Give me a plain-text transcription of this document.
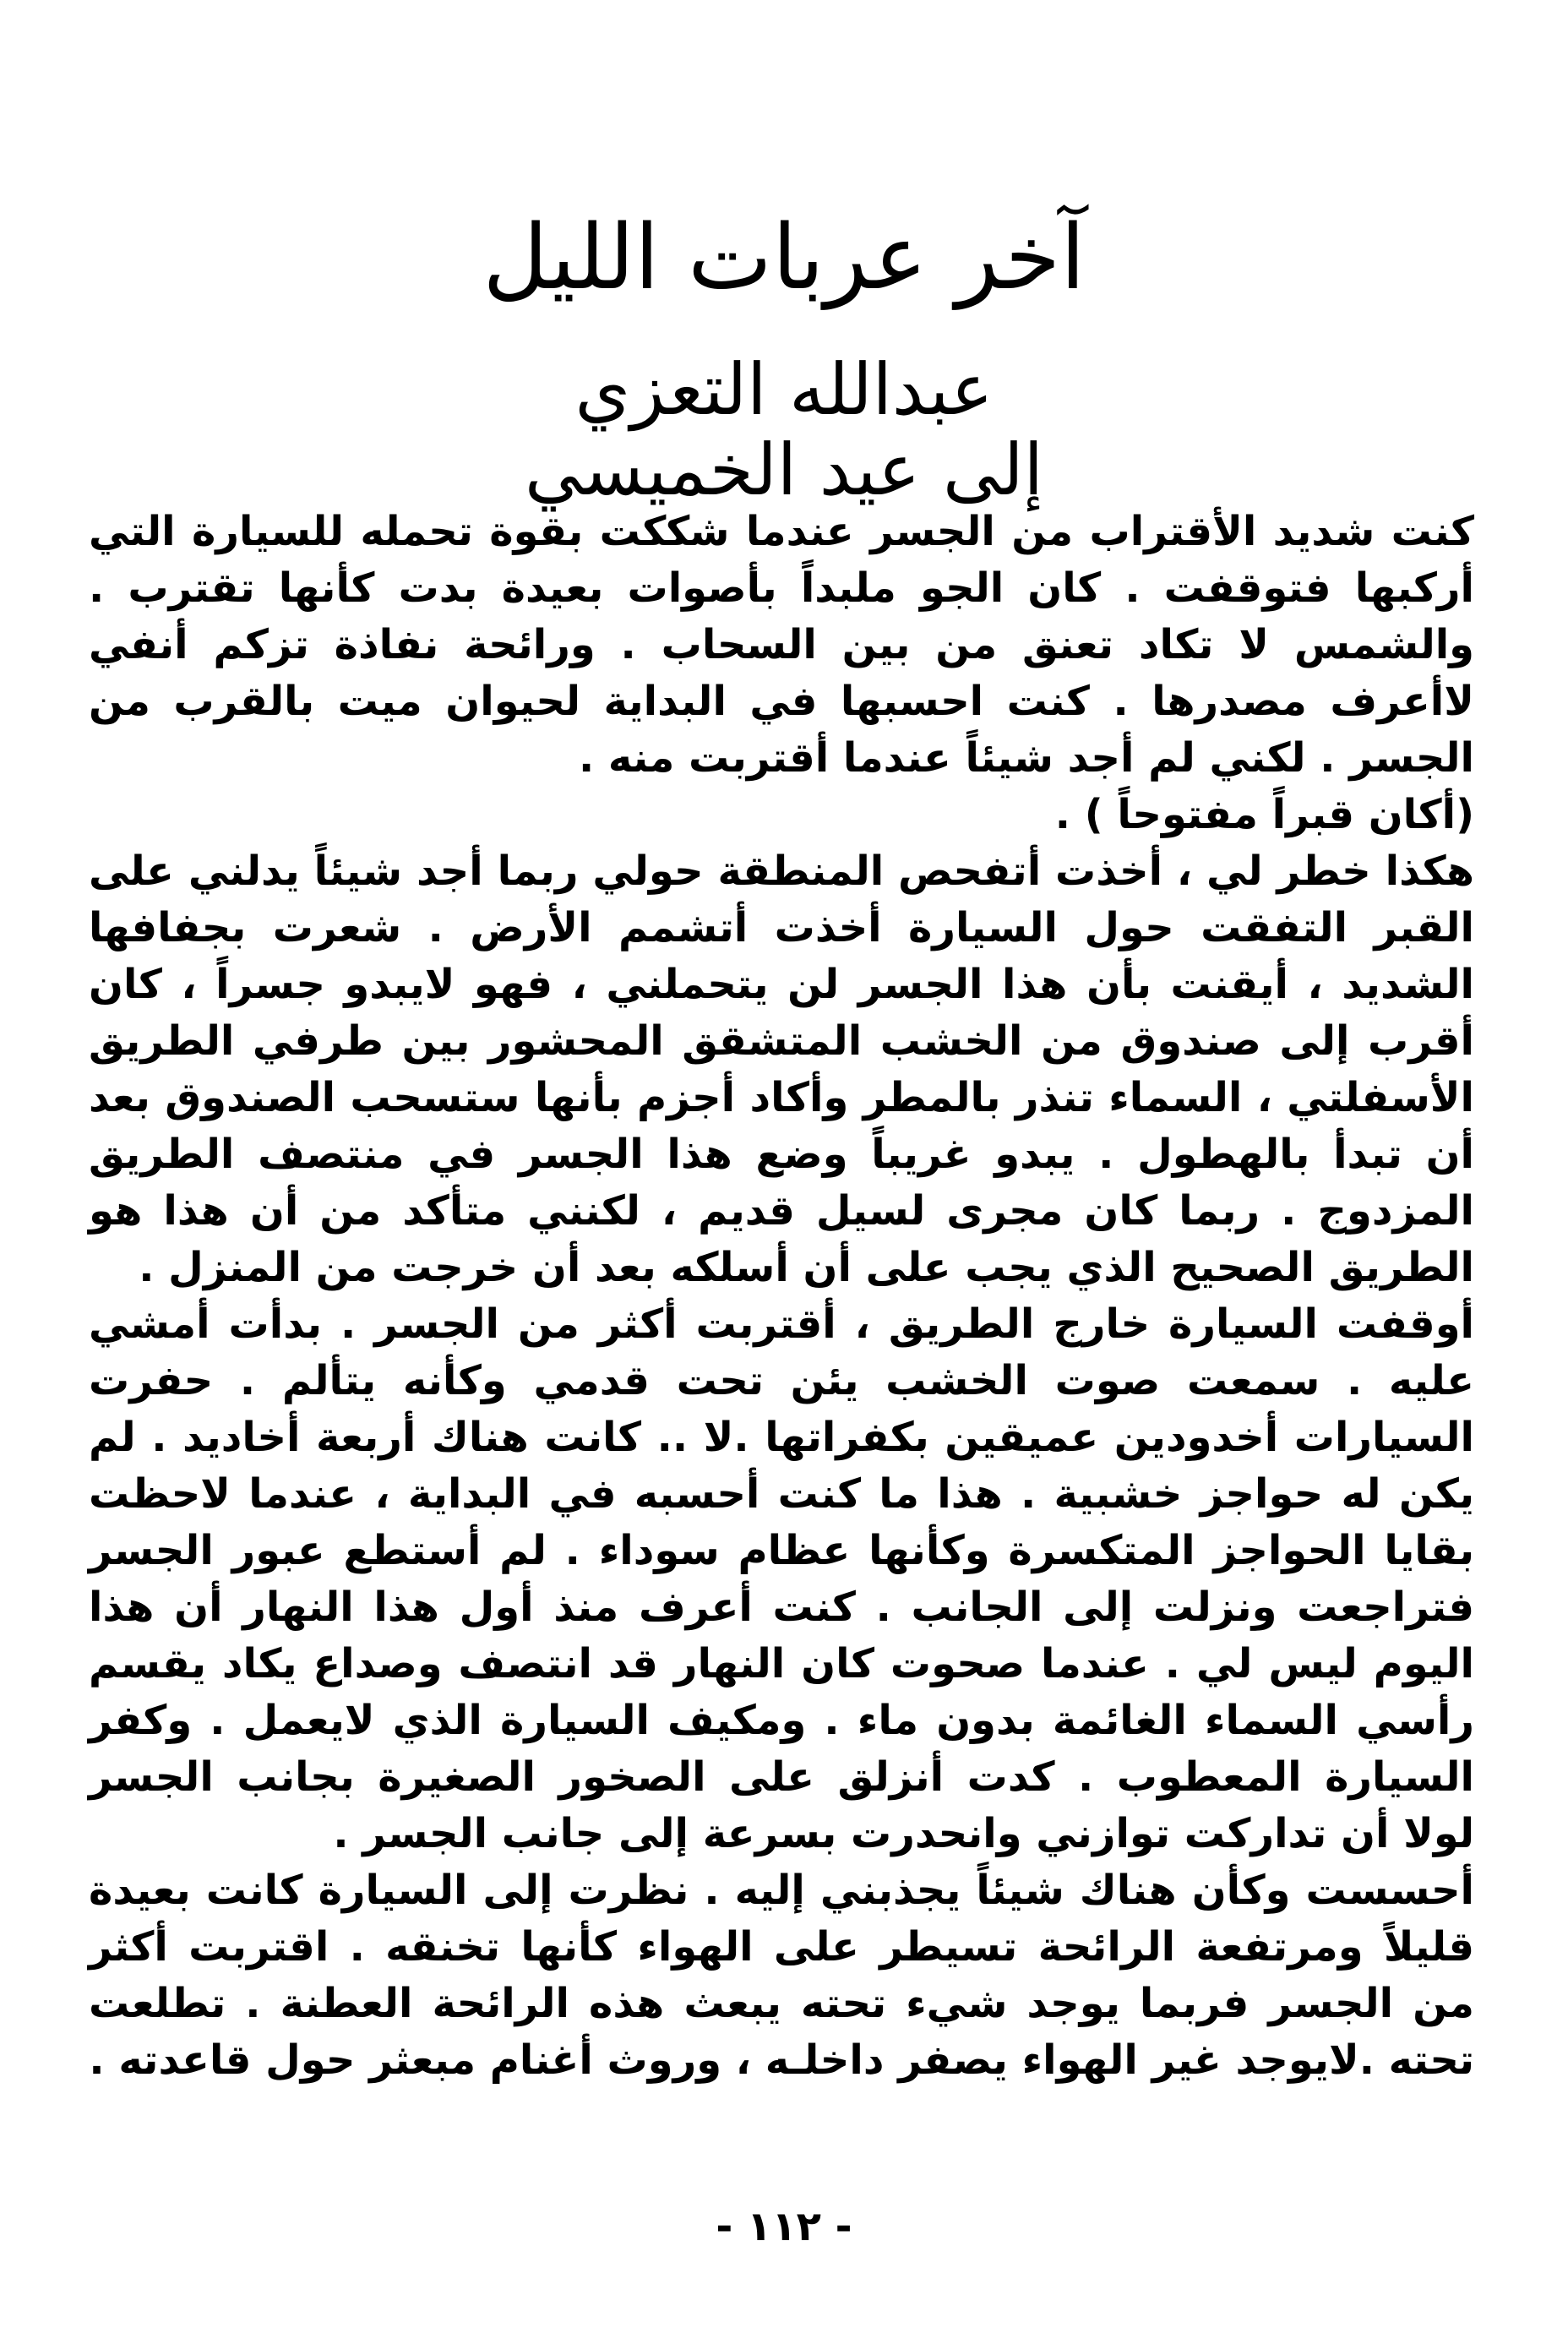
آخر عربات الليل
عبدالله التعزي
إلى عيد الخميسي

كنت شديد الأقتراب من الجسر عندما شككت بقوة تحمله للسيارة التي أركبها فتوقفت . كان الجو ملبداً بأصوات بعيدة بدت كأنها تقترب . والشمس لا تكاد تعنق من بين السحاب . ورائحة نفاذة تزكم أنفي لاأعرف مصدرها . كنت احسبها في البداية لحيوان ميت بالقرب من الجسر . لكني لم أجد شيئاً عندما أقتربت منه .

(أكان قبراً مفتوحاً ) .

هكذا خطر لي ، أخذت أتفحص المنطقة حولي ربما أجد شيئاً يدلني على القبر التفقت حول السيارة أخذت أتشمم الأرض . شعرت بجفافها الشديد ، أيقنت بأن هذا الجسر لن يتحملني ، فهو لايبدو جسراً ، كان أقرب إلى صندوق من الخشب المتشقق المحشور بين طرفي الطريق الأسفلتي ، السماء تنذر بالمطر وأكاد أجزم بأنها ستسحب الصندوق بعد أن تبدأ بالهطول . يبدو غريباً وضع هذا الجسر في منتصف الطريق المزدوج . ربما كان مجرى لسيل قديم ، لكنني متأكد من أن هذا هو الطريق الصحيح الذي يجب على أن أسلكه بعد أن خرجت من المنزل .

أوقفت السيارة خارج الطريق ، أقتربت أكثر من الجسر . بدأت أمشي عليه . سمعت صوت الخشب يئن تحت قدمي وكأنه يتألم . حفرت السيارات أخدودين عميقين بكفراتها .لا .. كانت هناك أربعة أخاديد . لم يكن له حواجز خشبية . هذا ما كنت أحسبه في البداية ، عندما لاحظت بقايا الحواجز المتكسرة وكأنها عظام سوداء . لم أستطع عبور الجسر فتراجعت ونزلت إلى الجانب . كنت أعرف منذ أول هذا النهار أن هذا اليوم ليس لي . عندما صحوت كان النهار قد انتصف وصداع يكاد يقسم رأسي السماء الغائمة بدون ماء . ومكيف السيارة الذي لايعمل . وكفر السيارة المعطوب . كدت أنزلق على الصخور الصغيرة بجانب الجسر لولا أن تداركت توازني وانحدرت بسرعة إلى جانب الجسر .

أحسست وكأن هناك شيئاً يجذبني إليه . نظرت إلى السيارة كانت بعيدة قليلاً ومرتفعة الرائحة تسيطر على الهواء كأنها تخنقه . اقتربت أكثر من الجسر فربما يوجد شيء تحته يبعث هذه الرائحة العطنة . تطلعت تحته .لايوجد غير الهواء يصفر داخلـه ، وروث أغنام مبعثر حول قاعدته .

- ١١٢ -
